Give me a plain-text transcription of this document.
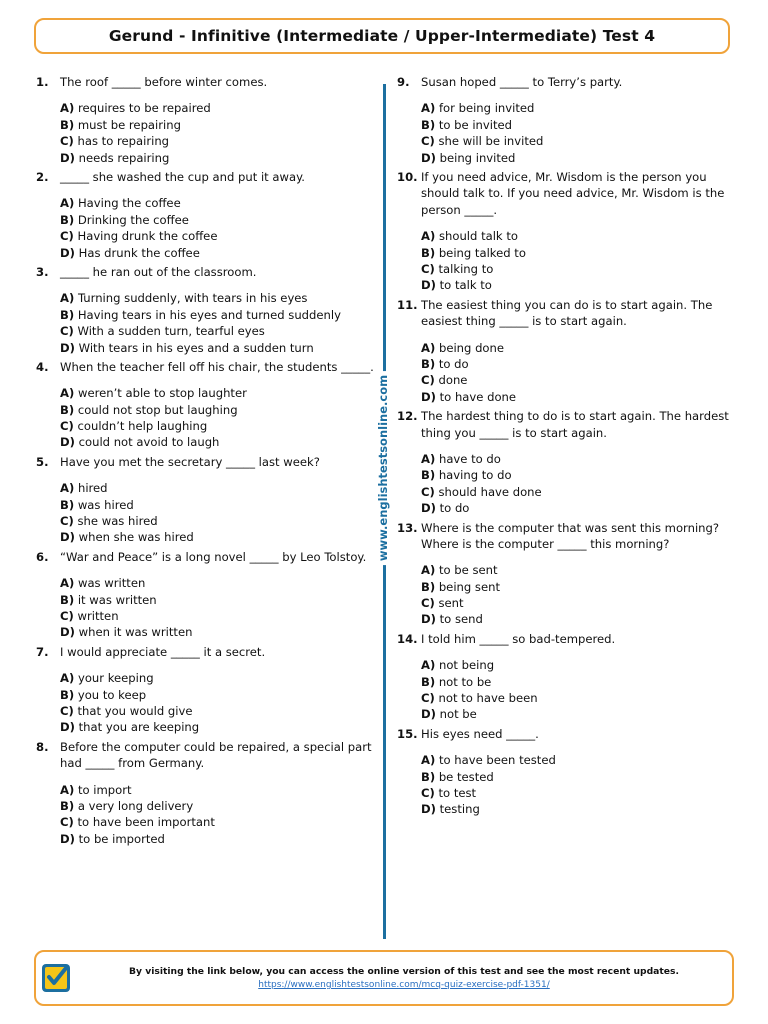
Gerund - Infinitive (Intermediate / Upper-Intermediate) Test 4
1. The roof _____ before winter comes.
A) requires to be repaired
B) must be repairing
C) has to repairing
D) needs repairing
2. _____ she washed the cup and put it away.
A) Having the coffee
B) Drinking the coffee
C) Having drunk the coffee
D) Has drunk the coffee
3. _____ he ran out of the classroom.
A) Turning suddenly, with tears in his eyes
B) Having tears in his eyes and turned suddenly
C) With a sudden turn, tearful eyes
D) With tears in his eyes and a sudden turn
4. When the teacher fell off his chair, the students _____.
A) weren’t able to stop laughter
B) could not stop but laughing
C) couldn’t help laughing
D) could not avoid to laugh
5. Have you met the secretary _____ last week?
A) hired
B) was hired
C) she was hired
D) when she was hired
6. “War and Peace” is a long novel _____ by Leo Tolstoy.
A) was written
B) it was written
C) written
D) when it was written
7. I would appreciate _____ it a secret.
A) your keeping
B) you to keep
C) that you would give
D) that you are keeping
8. Before the computer could be repaired, a special part had _____ from Germany.
A) to import
B) a very long delivery
C) to have been important
D) to be imported
www.englishtestsonline.com
9. Susan hoped _____ to Terry’s party.
A) for being invited
B) to be invited
C) she will be invited
D) being invited
10. If you need advice, Mr. Wisdom is the person you should talk to. If you need advice, Mr. Wisdom is the person _____.
A) should talk to
B) being talked to
C) talking to
D) to talk to
11. The easiest thing you can do is to start again. The easiest thing _____ is to start again.
A) being done
B) to do
C) done
D) to have done
12. The hardest thing to do is to start again. The hardest thing you _____ is to start again.
A) have to do
B) having to do
C) should have done
D) to do
13. Where is the computer that was sent this morning? Where is the computer _____ this morning?
A) to be sent
B) being sent
C) sent
D) to send
14. I told him _____ so bad-tempered.
A) not being
B) not to be
C) not to have been
D) not be
15. His eyes need _____.
A) to have been tested
B) be tested
C) to test
D) testing
By visiting the link below, you can access the online version of this test and see the most recent updates.
https://www.englishtestsonline.com/mcq-quiz-exercise-pdf-1351/
